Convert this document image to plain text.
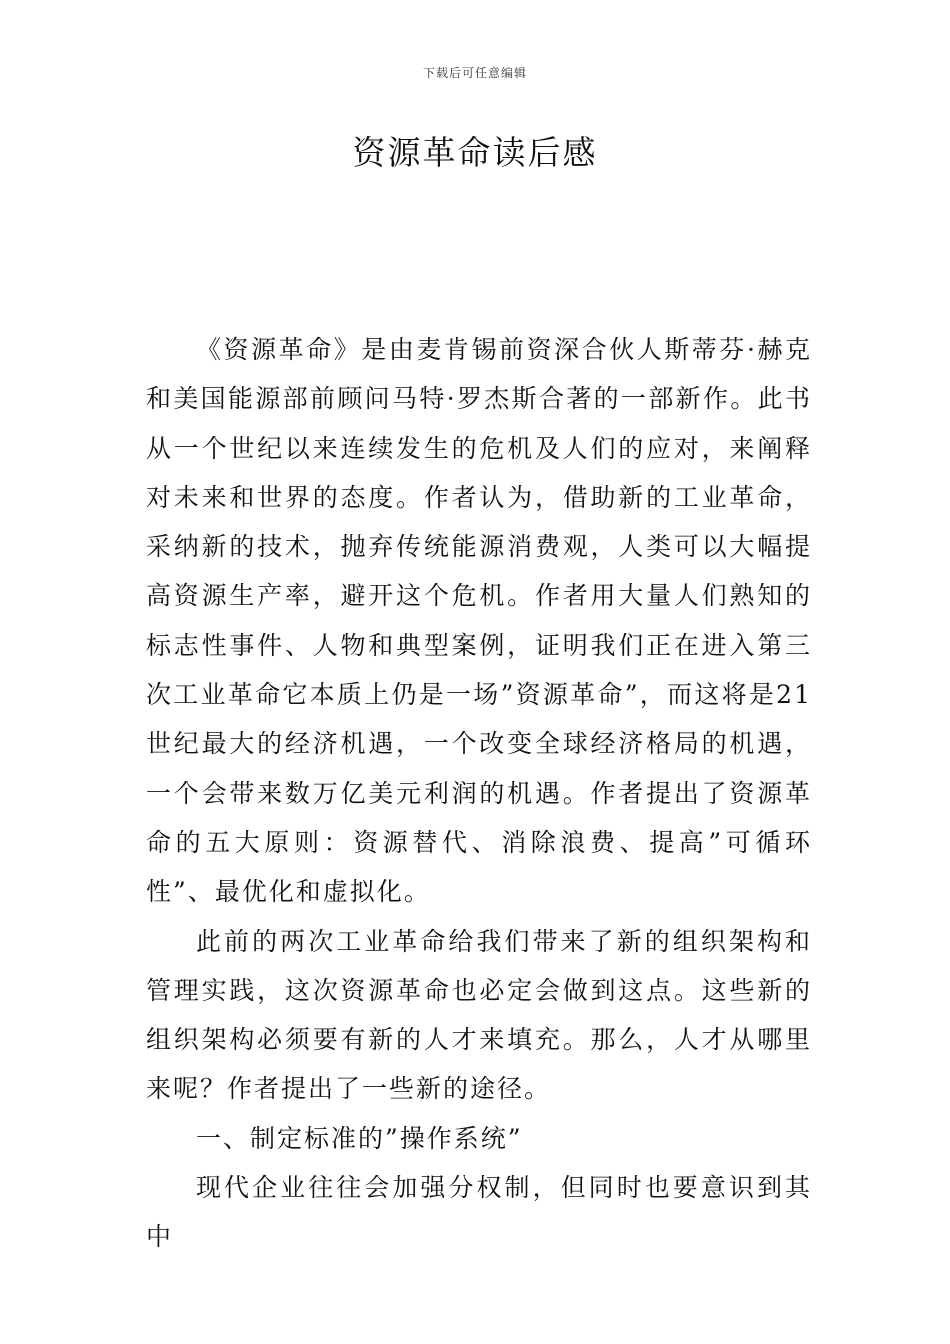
下载后可任意编辑
资源革命读后感

《资源革命》是由麦肯锡前资深合伙人斯蒂芬·赫克和美国能源部前顾问马特·罗杰斯合著的一部新作。此书从一个世纪以来连续发生的危机及人们的应对，来阐释对未来和世界的态度。作者认为，借助新的工业革命，采纳新的技术，抛弃传统能源消费观，人类可以大幅提高资源生产率，避开这个危机。作者用大量人们熟知的标志性事件、人物和典型案例，证明我们正在进入第三次工业革命它本质上仍是一场”资源革命”，而这将是21世纪最大的经济机遇，一个改变全球经济格局的机遇，一个会带来数万亿美元利润的机遇。作者提出了资源革命的五大原则：资源替代、消除浪费、提高”可循环性”、最优化和虚拟化。

此前的两次工业革命给我们带来了新的组织架构和管理实践，这次资源革命也必定会做到这点。这些新的组织架构必须要有新的人才来填充。那么，人才从哪里来呢？作者提出了一些新的途径。

一、制定标准的”操作系统”

现代企业往往会加强分权制，但同时也要意识到其中
